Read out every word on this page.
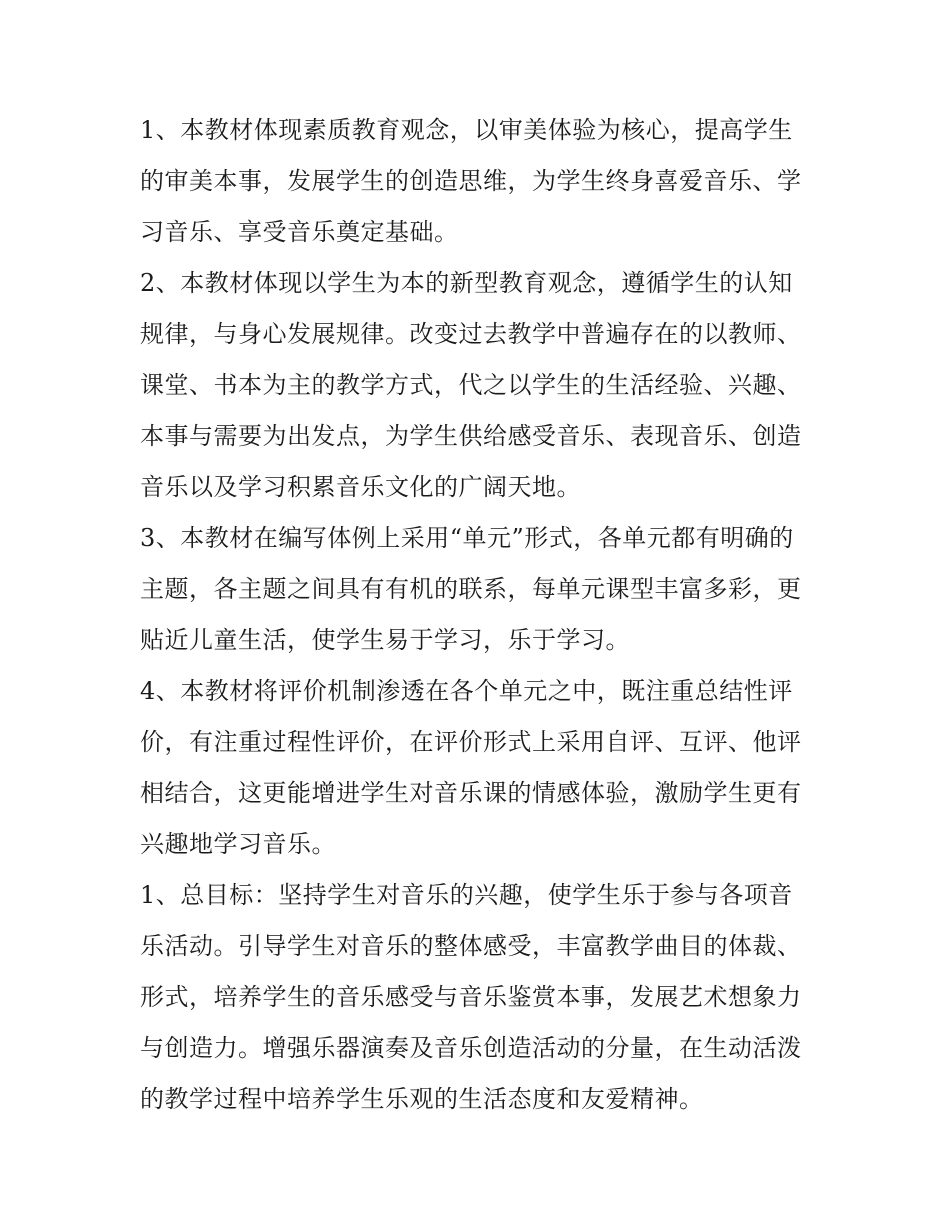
1、本教材体现素质教育观念，以审美体验为核心，提高学生的审美本事，发展学生的创造思维，为学生终身喜爱音乐、学习音乐、享受音乐奠定基础。

2、本教材体现以学生为本的新型教育观念，遵循学生的认知规律，与身心发展规律。改变过去教学中普遍存在的以教师、课堂、书本为主的教学方式，代之以学生的生活经验、兴趣、本事与需要为出发点，为学生供给感受音乐、表现音乐、创造音乐以及学习积累音乐文化的广阔天地。

3、本教材在编写体例上采用“单元”形式，各单元都有明确的主题，各主题之间具有有机的联系，每单元课型丰富多彩，更贴近儿童生活，使学生易于学习，乐于学习。

4、本教材将评价机制渗透在各个单元之中，既注重总结性评价，有注重过程性评价，在评价形式上采用自评、互评、他评相结合，这更能增进学生对音乐课的情感体验，激励学生更有兴趣地学习音乐。

1、总目标：坚持学生对音乐的兴趣，使学生乐于参与各项音乐活动。引导学生对音乐的整体感受，丰富教学曲目的体裁、形式，培养学生的音乐感受与音乐鉴赏本事，发展艺术想象力与创造力。增强乐器演奏及音乐创造活动的分量，在生动活泼的教学过程中培养学生乐观的生活态度和友爱精神。
